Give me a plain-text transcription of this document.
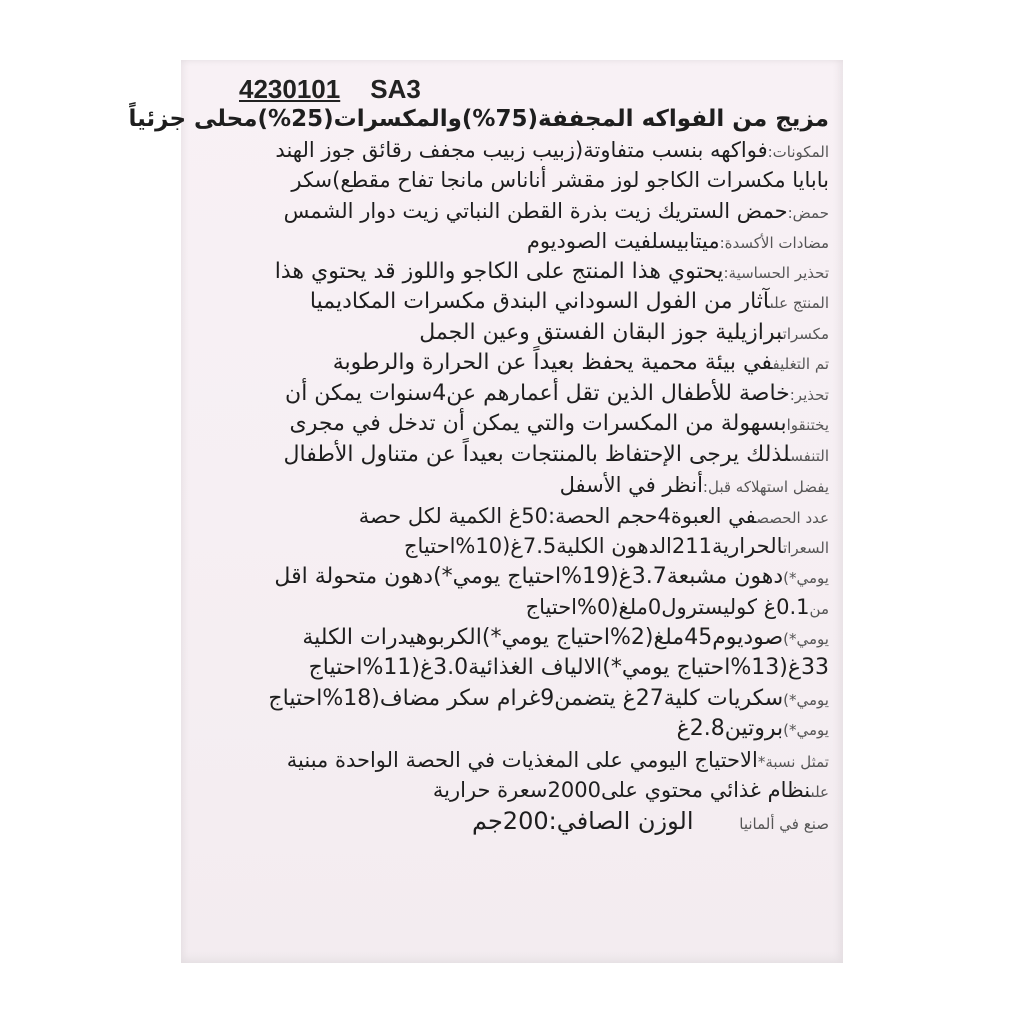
4230101 SA3
مزيج من الفواكه المجففة(75%)والمكسرات(25%)محلى جزئياً
المكونات:فواكهه بنسب متفاوتة(زبيب زبيب مجفف رقائق جوز الهند
بابايا مكسرات الكاجو لوز مقشر أناناس مانجا تفاح مقطع)سكر
حمض:حمض الستريك زيت بذرة القطن النباتي زيت دوار الشمس
مضادات الأكسدة:ميتابيسلفيت الصوديوم
تحذير الحساسية:يحتوي هذا المنتج على الكاجو واللوز قد يحتوي هذا
المنتج علىآثار من الفول السوداني البندق مكسرات المكاديميا
مكسراتبرازيلية جوز البقان الفستق وعين الجمل
تم التغليففي بيئة محمية يحفظ بعيداً عن الحرارة والرطوبة
تحذير:خاصة للأطفال الذين تقل أعمارهم عن4سنوات يمكن أن
يختنقوابسهولة من المكسرات والتي يمكن أن تدخل في مجرى
التنفسلذلك يرجى الإحتفاظ بالمنتجات بعيداً عن متناول الأطفال
يفضل استهلاكه قبل:أنظر في الأسفل
عدد الحصصفي العبوة4حجم الحصة:50غ الكمية لكل حصة
السعراتالحرارية211الدهون الكلية7.5غ(10%احتياج
يومي*)دهون مشبعة3.7غ(19%احتياج يومي*)دهون متحولة اقل
من0.1غ كوليسترول0ملغ(0%احتياج
يومي*)صوديوم45ملغ(2%احتياج يومي*)الكربوهيدرات الكلية
33غ(13%احتياج يومي*)الالياف الغذائية3.0غ(11%احتياج
يومي*)سكريات كلية27غ يتضمن9غرام سكر مضاف(18%احتياج
يومي*)بروتين2.8غ
تمثل نسبة*الاحتياج اليومي على المغذيات في الحصة الواحدة مبنية
علىنظام غذائي محتوي على2000سعرة حرارية
صنع في ألمانيا      الوزن الصافي:200جم
